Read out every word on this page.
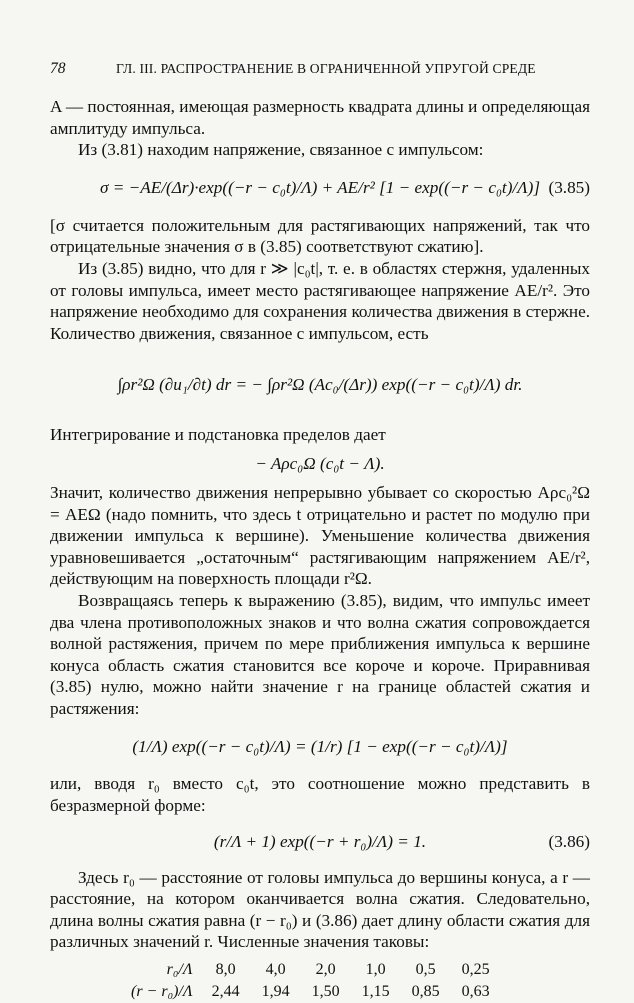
78	ГЛ. III. РАСПРОСТРАНЕНИЕ В ОГРАНИЧЕННОЙ УПРУГОЙ СРЕДЕ

A — постоянная, имеющая размерность квадрата длины и определяющая амплитуду импульса.

Из (3.81) находим напряжение, связанное с импульсом:

σ = −AE/(Δr)·exp((−r − c₀t)/Λ) + AE/r² [1 − exp((−r − c₀t)/Λ)] (3.85)

[σ считается положительным для растягивающих напряжений, так что отрицательные значения σ в (3.85) соответствуют сжатию].

Из (3.85) видно, что для r ≫ |c₀t|, т. е. в областях стержня, удаленных от головы импульса, имеет место растягивающее напряжение AE/r². Это напряжение необходимо для сохранения количества движения в стержне. Количество движения, связанное с импульсом, есть

∫ρr²Ω (∂u₁/∂t) dr = − ∫ρr²Ω (Ac₀/(Δr)) exp((−r − c₀t)/Λ) dr.

Интегрирование и подстановка пределов дает

− Aρc₀Ω (c₀t − Λ).

Значит, количество движения непрерывно убывает со скоростью Aρc₀²Ω = AEΩ (надо помнить, что здесь t отрицательно и растет по модулю при движении импульса к вершине). Уменьшение количества движения уравновешивается „остаточным“ растягивающим напряжением AE/r², действующим на поверхность площади r²Ω.

Возвращаясь теперь к выражению (3.85), видим, что импульс имеет два члена противоположных знаков и что волна сжатия сопровождается волной растяжения, причем по мере приближения импульса к вершине конуса область сжатия становится все короче и короче. Приравнивая (3.85) нулю, можно найти значение r на границе областей сжатия и растяжения:

(1/Λ) exp((−r − c₀t)/Λ) = (1/r) [1 − exp((−r − c₀t)/Λ)]

или, вводя r₀ вместо c₀t, это соотношение можно представить в безразмерной форме:

(r/Λ + 1) exp((−r + r₀)/Λ) = 1.	(3.86)

Здесь r₀ — расстояние от головы импульса до вершины конуса, а r — расстояние, на котором оканчивается волна сжатия. Следовательно, длина волны сжатия равна (r − r₀) и (3.86) дает длину области сжатия для различных значений r. Численные значения таковы:

r₀/Λ	8,0	4,0	2,0	1,0	0,5	0,25
(r − r₀)/Λ	2,44	1,94	1,50	1,15	0,85	0,63
